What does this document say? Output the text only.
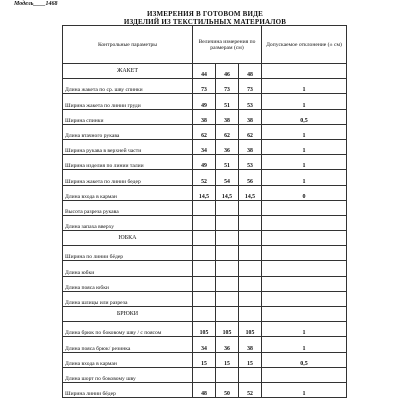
Модель____1468
ИЗМЕРЕНИЯ В ГОТОВОМ ВИДЕ
ИЗДЕЛИЙ ИЗ ТЕКСТИЛЬНЫХ МАТЕРИАЛОВ
Контрольные параметры	Величина измерения по размерам (см)			Допускаемое отклонение (± см)
ЖАКЕТ	44	46	48	
Длина жакета по ср. шву спинки	73	73	73	1
Ширина жакета по линии груди	49	51	53	1
Ширина спинки	38	38	38	0,5
Длина втачного рукава	62	62	62	1
Ширина рукава в верхней части	34	36	38	1
Ширина изделия по линии талии	49	51	53	1
Ширина жакета по линии бедер	52	54	56	1
Длина входа в карман	14,5	14,5	14,5	0
Высота разреза рукава				
Длина запаха вверху				
ЮБКА				
Ширина по линии бёдер				
Длина юбки				
Длина пояса юбки				
Длина шлицы или разреза				
БРЮКИ				
Длина брюк по боковому шву / с поясом	105	105	105	1
Длина пояса брюк/ резинка	34	36	38	1
Длина входа в карман	15	15	15	0,5
Длина шорт по боковому шву				
Ширина линии бёдер	48	50	52	1
